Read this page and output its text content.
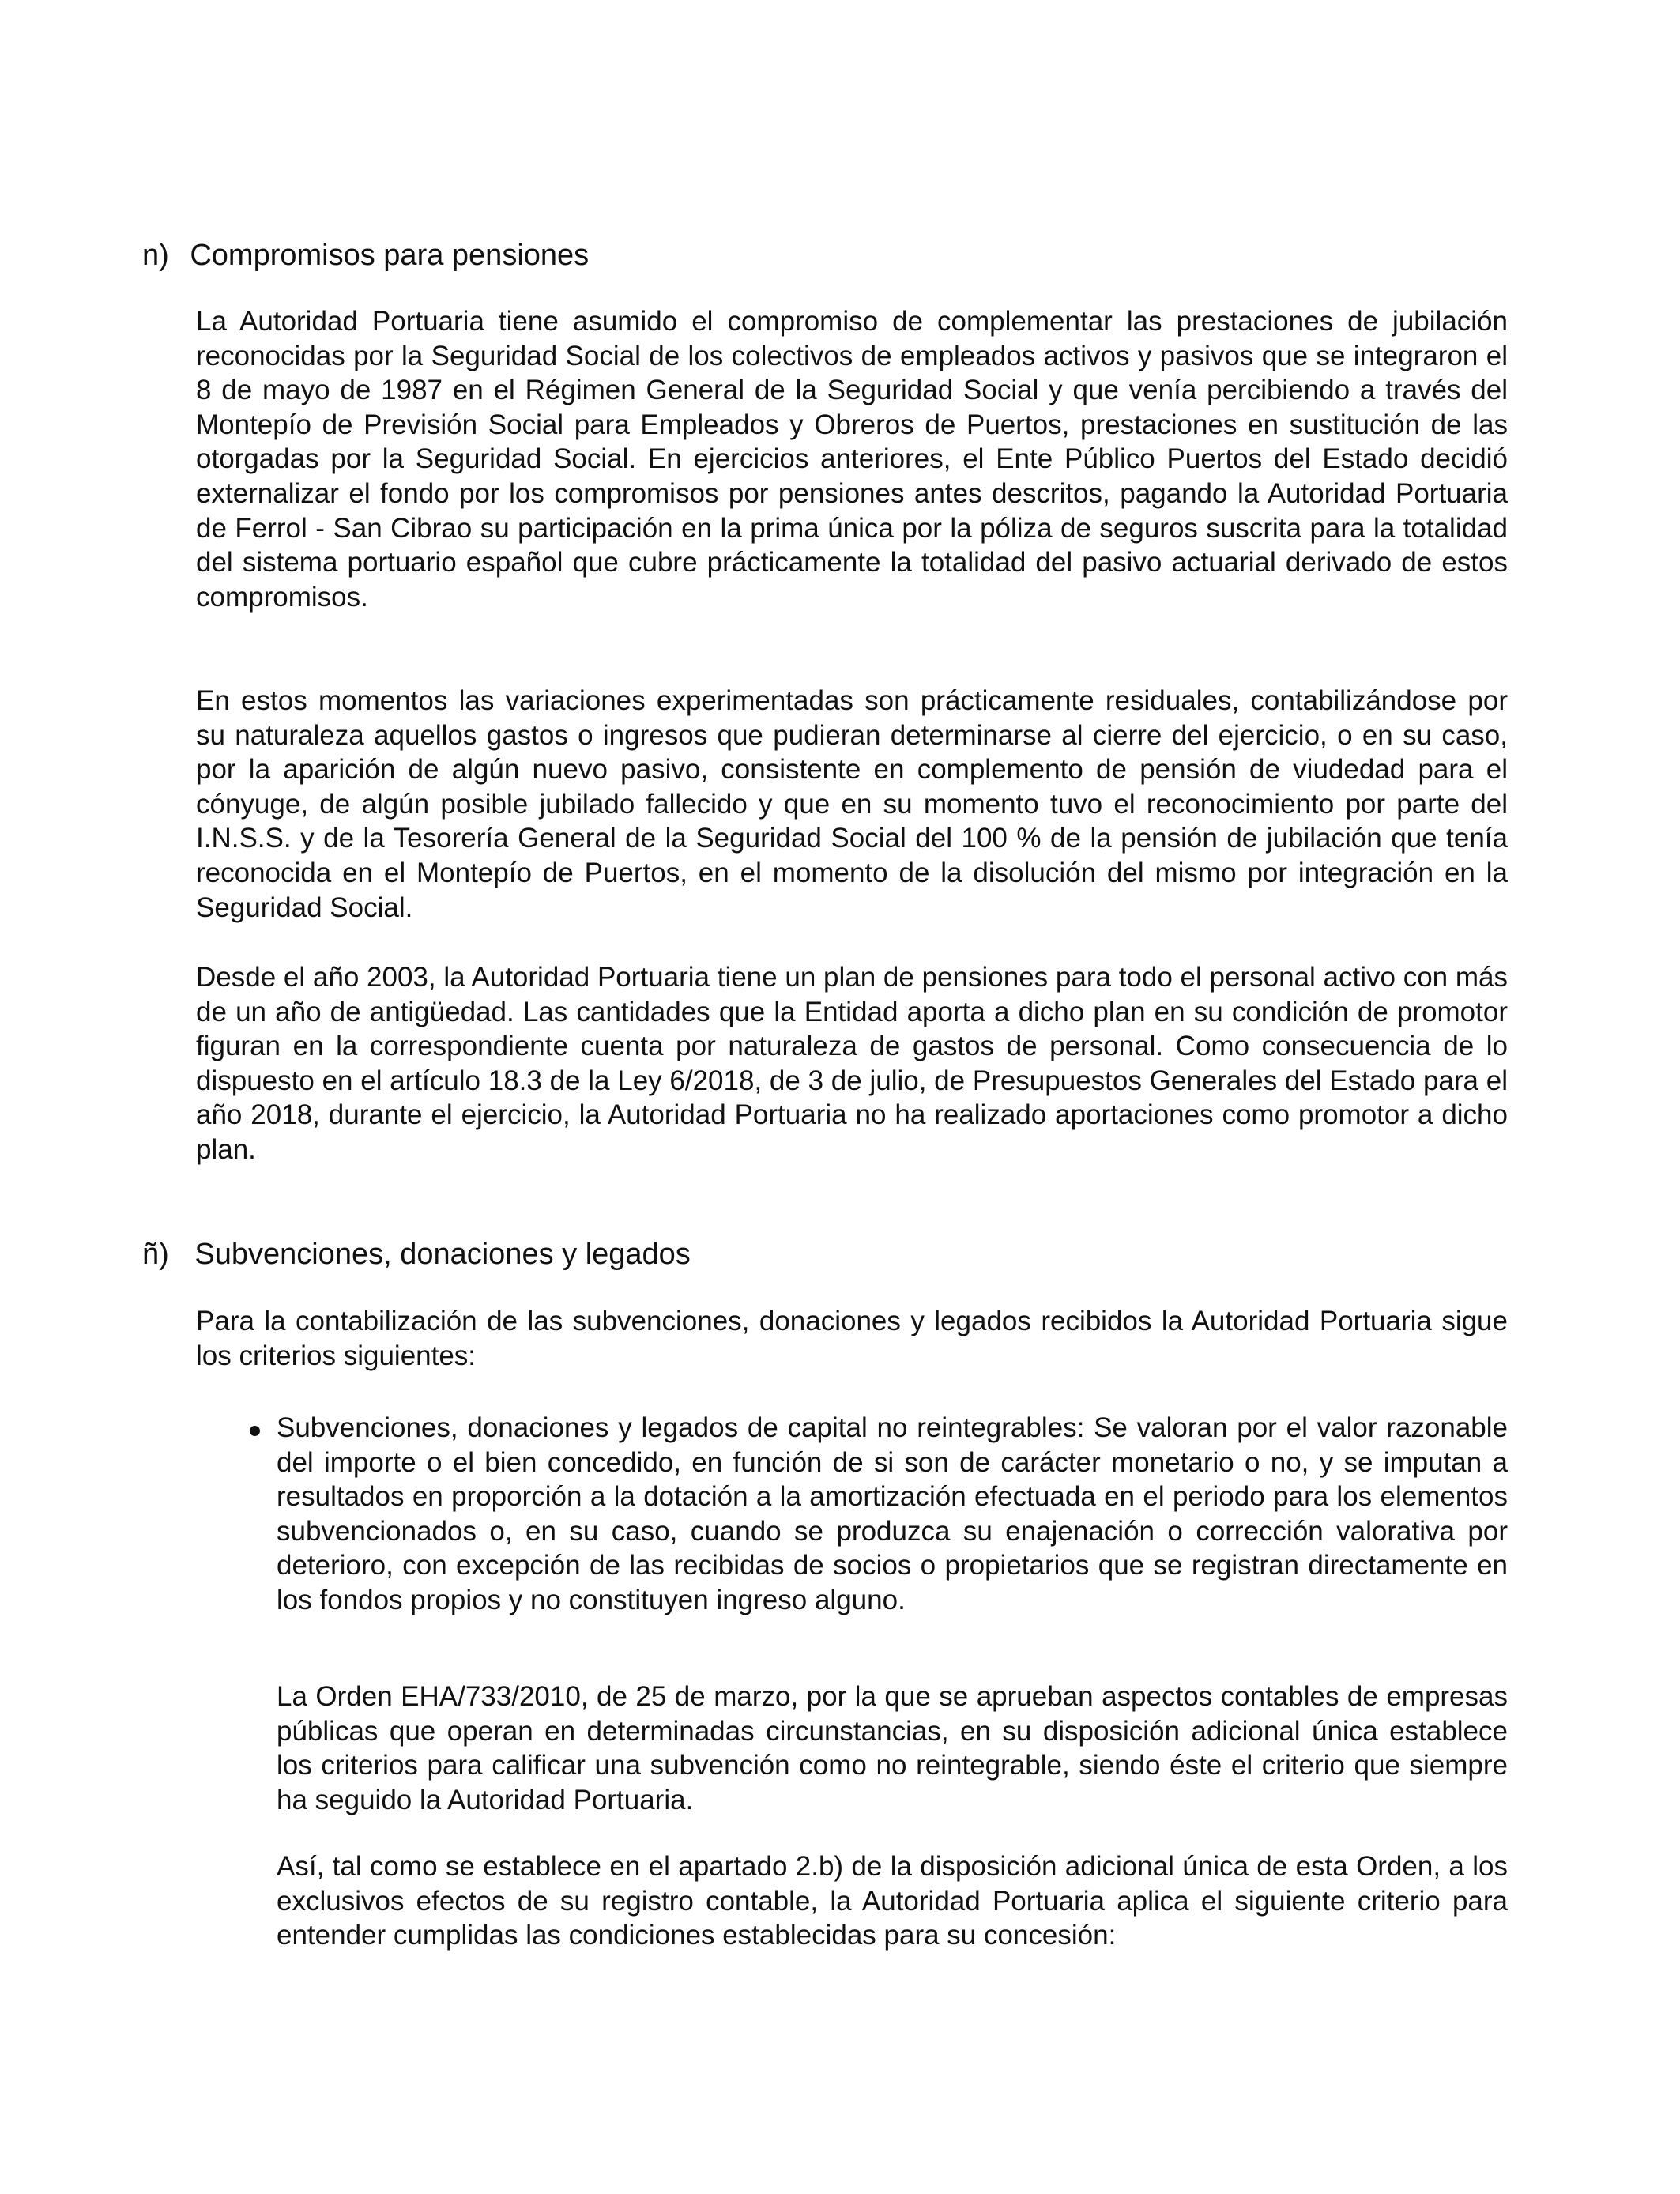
n) Compromisos para pensiones

La Autoridad Portuaria tiene asumido el compromiso de complementar las prestaciones de jubilación reconocidas por la Seguridad Social de los colectivos de empleados activos y pasivos que se integraron el 8 de mayo de 1987 en el Régimen General de la Seguridad Social y que venía percibiendo a través del Montepío de Previsión Social para Empleados y Obreros de Puertos, prestaciones en sustitución de las otorgadas por la Seguridad Social. En ejercicios anteriores, el Ente Público Puertos del Estado decidió externalizar el fondo por los compromisos por pensiones antes descritos, pagando la Autoridad Portuaria de Ferrol - San Cibrao su participación en la prima única por la póliza de seguros suscrita para la totalidad del sistema portuario español que cubre prácticamente la totalidad del pasivo actuarial derivado de estos compromisos.

En estos momentos las variaciones experimentadas son prácticamente residuales, contabilizándose por su naturaleza aquellos gastos o ingresos que pudieran determinarse al cierre del ejercicio, o en su caso, por la aparición de algún nuevo pasivo, consistente en complemento de pensión de viudedad para el cónyuge, de algún posible jubilado fallecido y que en su momento tuvo el reconocimiento por parte del I.N.S.S. y de la Tesorería General de la Seguridad Social del 100 % de la pensión de jubilación que tenía reconocida en el Montepío de Puertos, en el momento de la disolución del mismo por integración en la Seguridad Social.

Desde el año 2003, la Autoridad Portuaria tiene un plan de pensiones para todo el personal activo con más de un año de antigüedad. Las cantidades que la Entidad aporta a dicho plan en su condición de promotor figuran en la correspondiente cuenta por naturaleza de gastos de personal. Como consecuencia de lo dispuesto en el artículo 18.3 de la Ley 6/2018, de 3 de julio, de Presupuestos Generales del Estado para el año 2018, durante el ejercicio, la Autoridad Portuaria no ha realizado aportaciones como promotor a dicho plan.

ñ) Subvenciones, donaciones y legados

Para la contabilización de las subvenciones, donaciones y legados recibidos la Autoridad Portuaria sigue los criterios siguientes:

Subvenciones, donaciones y legados de capital no reintegrables: Se valoran por el valor razonable del importe o el bien concedido, en función de si son de carácter monetario o no, y se imputan a resultados en proporción a la dotación a la amortización efectuada en el periodo para los elementos subvencionados o, en su caso, cuando se produzca su enajenación o corrección valorativa por deterioro, con excepción de las recibidas de socios o propietarios que se registran directamente en los fondos propios y no constituyen ingreso alguno.

La Orden EHA/733/2010, de 25 de marzo, por la que se aprueban aspectos contables de empresas públicas que operan en determinadas circunstancias, en su disposición adicional única establece los criterios para calificar una subvención como no reintegrable, siendo éste el criterio que siempre ha seguido la Autoridad Portuaria.

Así, tal como se establece en el apartado 2.b) de la disposición adicional única de esta Orden, a los exclusivos efectos de su registro contable, la Autoridad Portuaria aplica el siguiente criterio para entender cumplidas las condiciones establecidas para su concesión:
